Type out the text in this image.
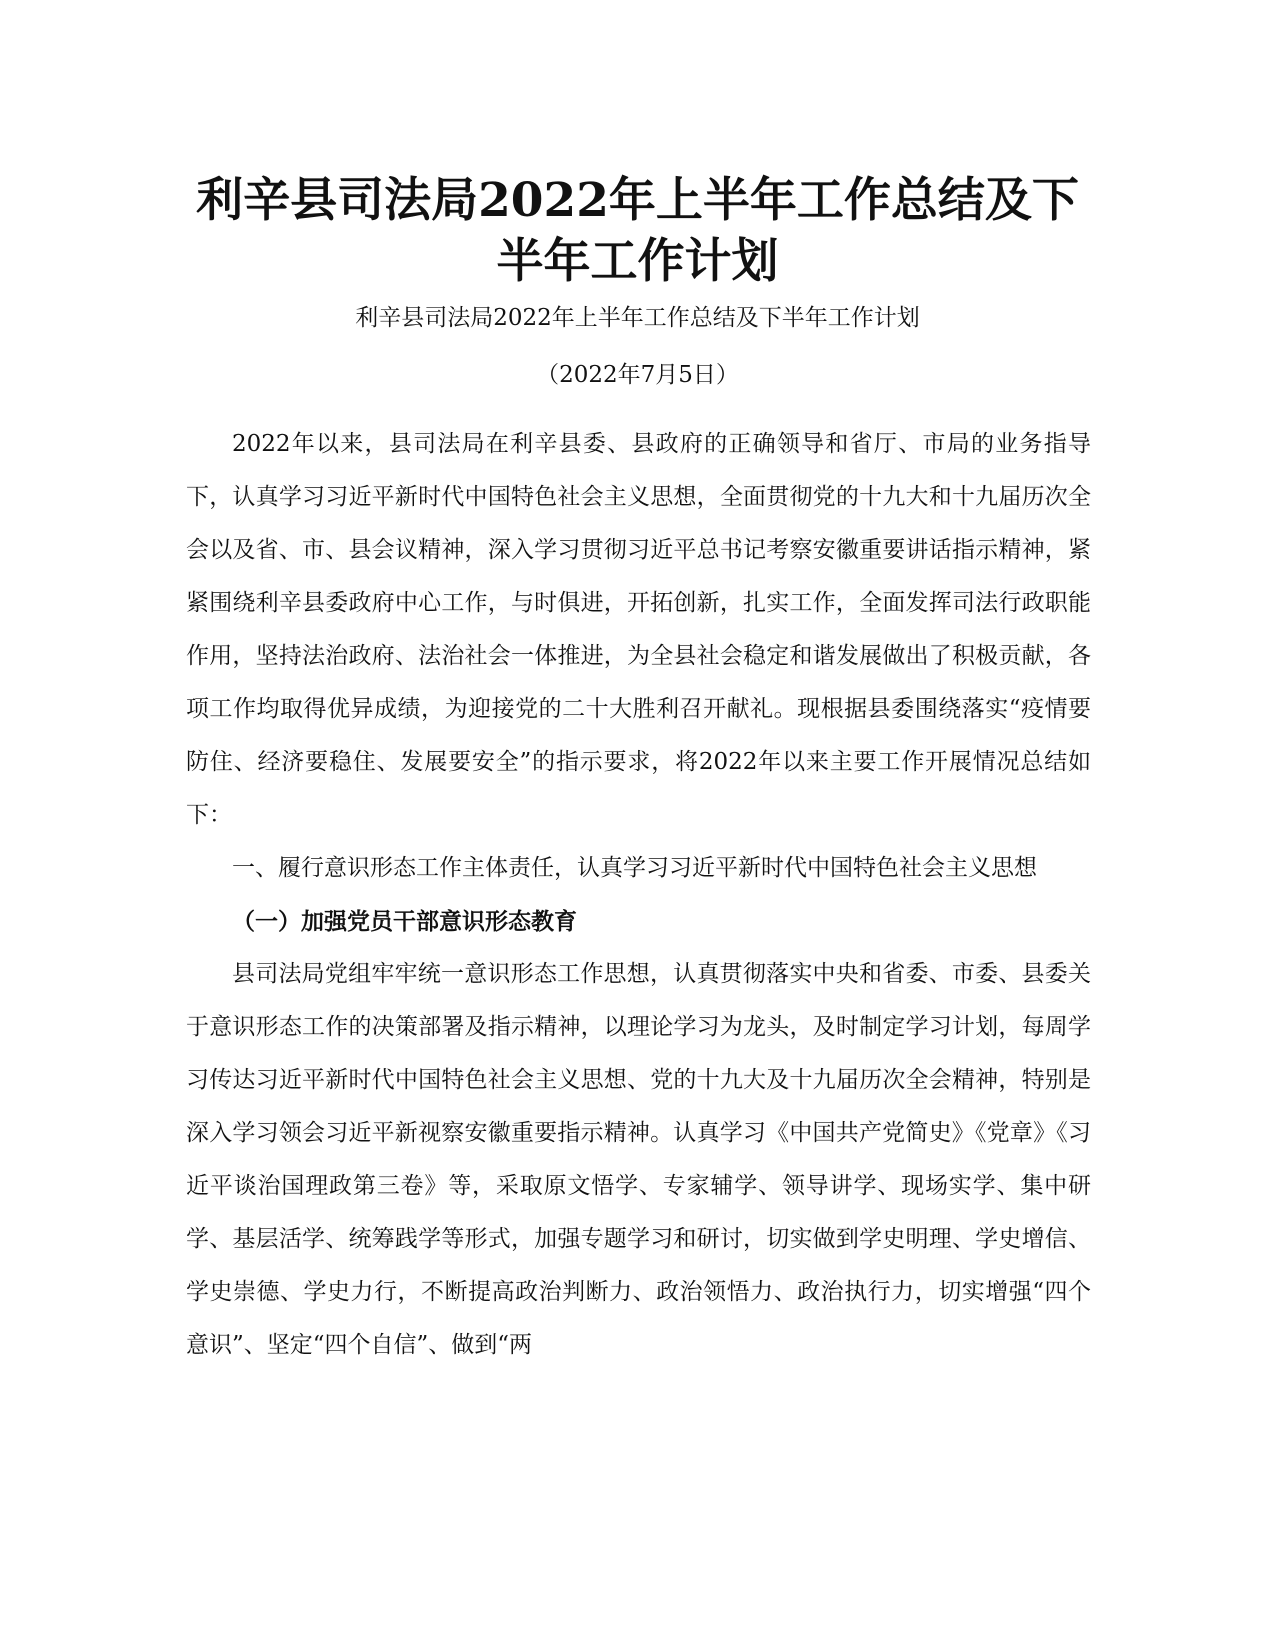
利辛县司法局2022年上半年工作总结及下
半年工作计划

利辛县司法局2022年上半年工作总结及下半年工作计划

（2022年7月5日）

2022年以来，县司法局在利辛县委、县政府的正确领导和省厅、市局的业务指导下，认真学习习近平新时代中国特色社会主义思想，全面贯彻党的十九大和十九届历次全会以及省、市、县会议精神，深入学习贯彻习近平总书记考察安徽重要讲话指示精神，紧紧围绕利辛县委政府中心工作，与时俱进，开拓创新，扎实工作，全面发挥司法行政职能作用，坚持法治政府、法治社会一体推进，为全县社会稳定和谐发展做出了积极贡献，各项工作均取得优异成绩，为迎接党的二十大胜利召开献礼。现根据县委围绕落实“疫情要防住、经济要稳住、发展要安全”的指示要求，将2022年以来主要工作开展情况总结如下：

一、履行意识形态工作主体责任，认真学习习近平新时代中国特色社会主义思想

（一）加强党员干部意识形态教育

县司法局党组牢牢统一意识形态工作思想，认真贯彻落实中央和省委、市委、县委关于意识形态工作的决策部署及指示精神，以理论学习为龙头，及时制定学习计划，每周学习传达习近平新时代中国特色社会主义思想、党的十九大及十九届历次全会精神，特别是深入学习领会习近平新视察安徽重要指示精神。认真学习《中国共产党简史》《党章》《习近平谈治国理政第三卷》等，采取原文悟学、专家辅学、领导讲学、现场实学、集中研学、基层活学、统筹践学等形式，加强专题学习和研讨，切实做到学史明理、学史增信、学史崇德、学史力行，不断提高政治判断力、政治领悟力、政治执行力，切实增强“四个意识”、坚定“四个自信”、做到“两
